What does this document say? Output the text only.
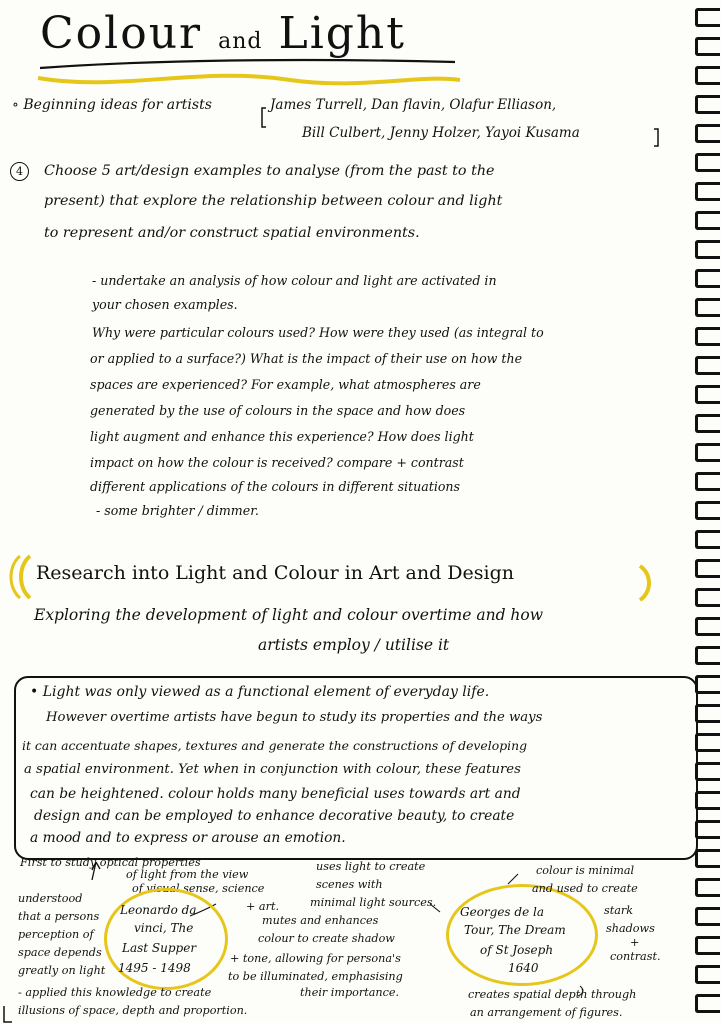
Colour and Light
∘ Beginning ideas for artists	James Turrell, Dan flavin, Olafur Elliason,
Bill Culbert, Jenny Holzer, Yayoi Kusama
4	Choose 5 art/design examples to analyse (from the past to the
present) that explore the relationship between colour and light
to represent and/or construct spatial environments.
- undertake an analysis of how colour and light are activated in
your chosen examples.
Why were particular colours used? How were they used (as integral to
or applied to a surface?) What is the impact of their use on how the
spaces are experienced? For example, what atmospheres are
generated by the use of colours in the space and how does
light augment and enhance this experience? How does light
impact on how the colour is received? compare + contrast
different applications of the colours in different situations
- some brighter / dimmer.
Research into Light and Colour in Art and Design
Exploring the development of light and colour overtime and how
artists employ / utilise it
• Light was only viewed as a functional element of everyday life.
However overtime artists have begun to study its properties and the ways
it can accentuate shapes, textures and generate the constructions of developing
a spatial environment. Yet when in conjunction with colour, these features
can be heightened. colour holds many beneficial uses towards art and
design and can be employed to enhance decorative beauty, to create
a mood and to express or arouse an emotion.
First to study optical properties
of light from the view
of visual sense, science
+ art.
understood
that a persons
perception of
space depends
greatly on light
Leonardo da
vinci, The
Last Supper
1495 - 1498
uses light to create
scenes with
minimal light sources.
mutes and enhances
colour to create shadow
+ tone, allowing for persona's
to be illuminated, emphasising
their importance.
- applied this knowledge to create
illusions of space, depth and proportion.
Georges de la
Tour, The Dream
of St Joseph
1640
colour is minimal
and used to create
stark
shadows
+
contrast.
creates spatial depth through
an arrangement of figures.
